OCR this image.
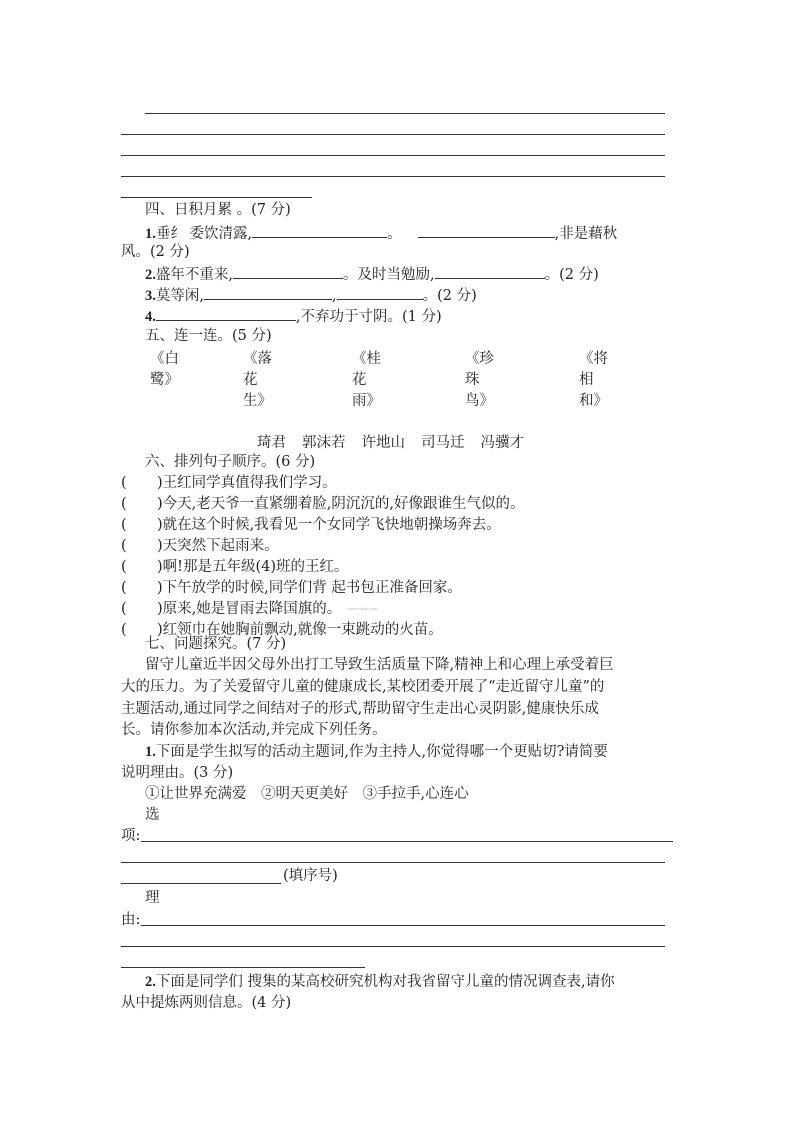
四、日积月累 。(7 分)
1.垂纟 委饮清露,	。	,非是藉秋
风。(2 分)
2.盛年不重来,	。及时当勉励,	。(2 分)
3.莫等闲,	,	。(2 分)
4.	,不弃功于寸阴。(1 分)
五、连一连。(5 分)
《白鹭》
《落花生》
《桂花雨》
《珍珠鸟》
《将相和》
琦君 郭沫若 许地山 司马迁 冯骥才
六、排列句子顺序。(6 分)
( )王红同学真值得我们学习。
( )今天,老天爷一直紧绷着脸,阴沉沉的,好像跟谁生气似的。
( )就在这个时候,我看见一个女同学飞快地朝操场奔去。
( )天突然下起雨来。
( )啊!那是五年级(4)班的王红。
( )下午放学的时候,同学们背 起书包正准备回家。
( )原来,她是冒雨去降国旗的。 www.zxxk.com
( )红领巾在她胸前飘动,就像一束跳动的火苗。
七、问题探究。(7 分)
留守儿童近半因父母外出打工导致生活质量下降,精神上和心理上承受着巨
大的压力。为了关爱留守儿童的健康成长,某校团委开展了“走近留守儿童”的
主题活动,通过同学之间结对子的形式,帮助留守生走出心灵阴影,健康快乐成
长。请你参加本次活动,并完成下列任务。
1.下面是学生拟写的活动主题词,作为主持人,你觉得哪一个更贴切?请简要
说明理由。(3 分)
①让世界充满爱　②明天更美好　③手拉手,心连心
选
项:
(填序号)
理
由:
2.下面是同学们 搜集的某高校研究机构对我省留守儿童的情况调查表,请你
从中提炼两则信息。(4 分)
